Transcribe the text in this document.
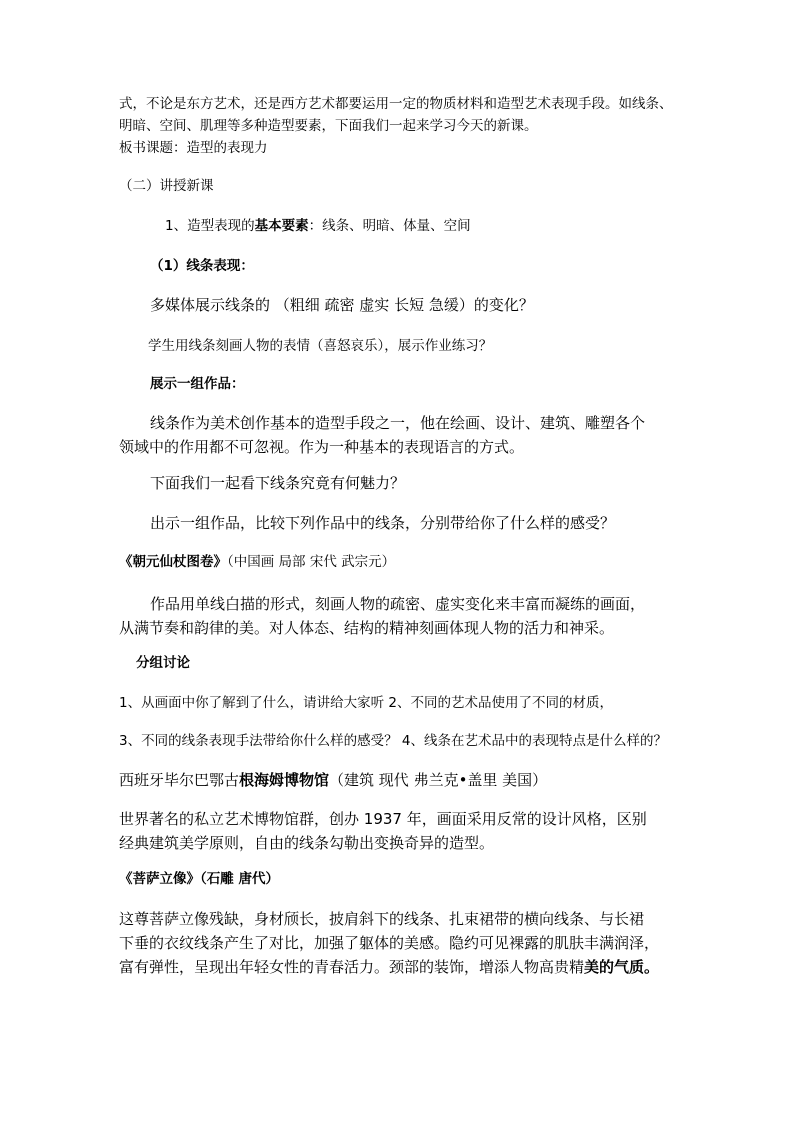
式，不论是东方艺术，还是西方艺术都要运用一定的物质材料和造型艺术表现手段。如线条、
明暗、空间、肌理等多种造型要素，下面我们一起来学习今天的新课。
板书课题：造型的表现力
（二）讲授新课
1、造型表现的基本要素：线条、明暗、体量、空间
（1）线条表现：
多媒体展示线条的 （粗细 疏密 虚实 长短 急缓）的变化？
学生用线条刻画人物的表情（喜怒哀乐），展示作业练习？
展示一组作品：
线条作为美术创作基本的造型手段之一，他在绘画、设计、建筑、雕塑各个
领域中的作用都不可忽视。作为一种基本的表现语言的方式。
下面我们一起看下线条究竟有何魅力？
出示一组作品，比较下列作品中的线条，分别带给你了什么样的感受？
《朝元仙杖图卷》（中国画 局部 宋代 武宗元）
作品用单线白描的形式，刻画人物的疏密、虚实变化来丰富而凝练的画面，
从满节奏和韵律的美。对人体态、结构的精神刻画体现人物的活力和神采。
分组讨论
1、从画面中你了解到了什么，请讲给大家听 2、不同的艺术品使用了不同的材质，
3、不同的线条表现手法带给你什么样的感受？ 4、线条在艺术品中的表现特点是什么样的？
西班牙毕尔巴鄂古根海姆博物馆（建筑 现代 弗兰克•盖里 美国）
世界著名的私立艺术博物馆群，创办 1937 年，画面采用反常的设计风格，区别
经典建筑美学原则，自由的线条勾勒出变换奇异的造型。
《菩萨立像》（石雕 唐代）
这尊菩萨立像残缺，身材颀长，披肩斜下的线条、扎束裙带的横向线条、与长裙
下垂的衣纹线条产生了对比，加强了躯体的美感。隐约可见裸露的肌肤丰满润泽，
富有弹性，呈现出年轻女性的青春活力。颈部的装饰，增添人物高贵精美的气质。
